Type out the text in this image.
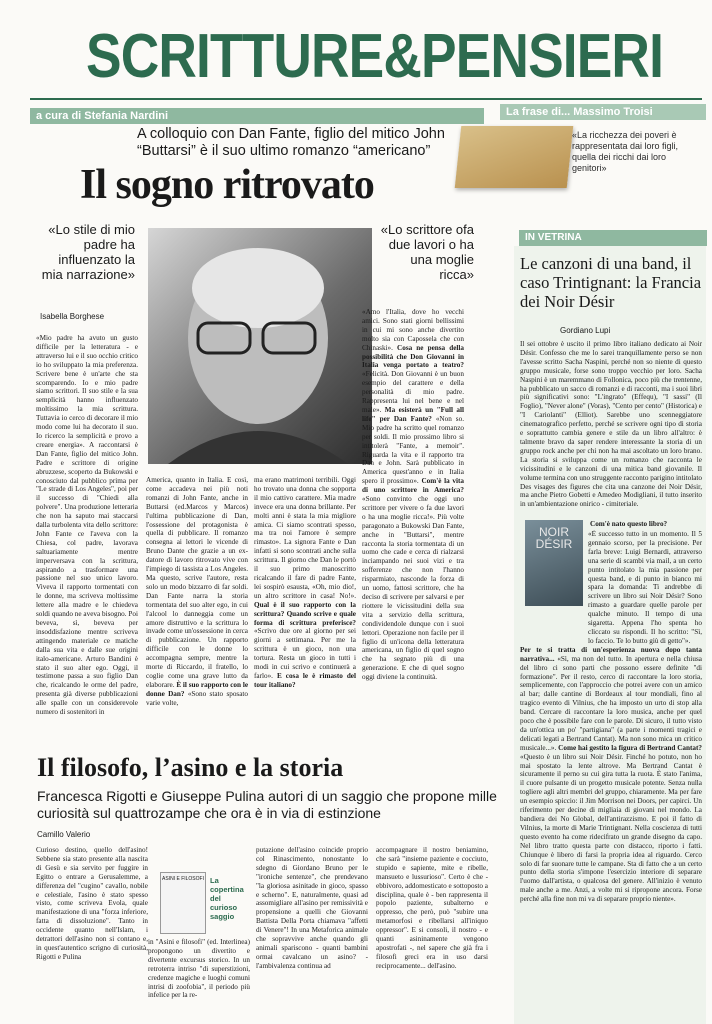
SCRITTURE&PENSIERI
a cura di Stefania Nardini	La frase di... Massimo Troisi
«La ricchezza dei poveri è rappresentata dai loro figli, quella dei ricchi dai loro genitori»
A colloquio con Dan Fante, figlio del mitico John “Buttarsi” è il suo ultimo romanzo “americano”
Il sogno ritrovato
«Lo stile di mio padre ha influenzato la mia narrazione»
«Lo scrittore ofa due lavori o ha una moglie ricca»
Isabella Borghese
«Mio padre ha avuto un gusto difficile per la letteratura - e attraverso lui e il suo occhio critico io ho sviluppato la mia preferenza. Scrivere bene è un'arte che sta scomparendo. Io e mio padre siamo scrittori. Il suo stile e la sua semplicità hanno influenzato moltissimo la mia scrittura. Tuttavia io cerco di decorare il mio modo come lui ha decorato il suo. Io ricerco la semplicità e provo a creare energia». A raccontarsi è Dan Fante, figlio del mitico John. Padre e scrittore di origine abruzzese, scoperto da Bukowski e conosciuto dal pubblico prima per "Le strade di Los Angeles", poi per il successo di "Chiedi alla polvere". Una produzione letteraria che non ha saputo mai staccarsi dalla turbolenta vita dello scrittore: John Fante ce l'aveva con la Chiesa, col padre, lavorava saltuariamente mentre imperversava con la scrittura, aspirando a trasformare una passione nel suo unico lavoro. Viveva il rapporto tormentati con le donne, ma scriveva moltissime lettere alla madre e le chiedeva soldi quando ne aveva bisogno. Poi beveva, sì, beveva per insoddisfazione mentre scriveva attingendo materiale ce matiche dalla sua vita e dalle sue origini italo-americane. Arturo Bandini è stato il suo alter ego. Oggi, il testimone passa a suo figlio Dan che, ricalcando le orme del padre, presenta già diverse pubblicazioni alle spalle con un considerevole numero di sostenitori in
America, quanto in Italia. E così, come accadeva nei più noti romanzi di John Fante, anche in Buttarsi (ed.Marcos y Marcos) l'ultima pubblicazione di Dan, l'ossessione del protagonista è quella di pubblicare. Il romanzo consegna ai lettori le vicende di Bruno Dante che grazie a un ex-datore di lavoro ritrovato vive con l'impiego di tassista a Los Angeles. Ma questo, scrive l'autore, resta solo un modo bizzarro di far soldi. Dan Fante narra la storia tormentata del suo alter ego, in cui l'alcool lo danneggia come un amore distruttivo e la scrittura lo invade come un'ossessione in cerca di pubblicazione. Un rapporto difficile con le donne lo accompagna sempre, mentre la morte di Riccardo, il fratello, lo coglie come una grave lutto da elaborare. È il suo rapporto con le donne Dan? «Sono stato sposato varie volte,
ma erano matrimoni terribili. Oggi ho trovato una donna che sopporta il mio cattivo carattere. Mia madre invece era una donna brillante. Per molti anni è stata la mia migliore amica. Ci siamo scontrati spesso, ma tra noi l'amore è sempre rimasto». La signora Fante e Dan infatti si sono scontrati anche sulla scrittura. Il giorno che Dan le portò il suo primo manoscritto ricalcando il fare di padre Fante, lei sospirò esausta, «Oh, mio dio!, un altro scrittore in casa! No!». Qual è il suo rapporto con la scrittura? Quando scrive e quale forma di scrittura preferisce? «Scrivo due ore al giorno per sei giorni a settimana. Per me la scrittura è un gioco, non una tortura. Resta un gioco in tutti i modi in cui scrivo e continuerà a farlo». E cosa le è rimasto del tour italiano?
«Amo l'Italia, dove ho vecchi amici. Sono stati giorni bellissimi in cui mi sono anche divertito molto sia con Capossela che con Chinaski». Cosa ne pensa della possibilità che Don Giovanni in Italia venga portato a teatro? «Felicità. Don Giovanni è un buon esempio del carattere e della personalità di mio padre. Rappresenta lui nel bene e nel male». Ma esisterà un "Full all life" per Dan Fante? «Non so. Mio padre ha scritto quel romanzo per soldi. Il mio prossimo libro si intitolerà "Fante, a memoir". Riguarda la vita e il rapporto tra Dan e John. Sarà pubblicato in America quest'anno e in Italia spero il prossimo». Com'è la vita di uno scrittore in America? «Sono convinto che oggi uno scrittore per vivere o fa due lavori o ha una moglie ricca!». Più volte paragonato a Bukowski Dan Fante, anche in "Buttarsi", mentre racconta la storia tormentata di un uomo che cade e cerca di rialzarsi inciampando nei suoi vizi e tra sofferenze che non l'hanno risparmiato, nasconde la forza di un uomo, fattosi scrittore, che ha deciso di scrivere per salvarsi e per riottere le vicissitudini della sua vita a servizio della scrittura, condividendole dunque con i suoi lettori. Operazione non facile per il figlio di un'icona della letteratura americana, un figlio di quel sogno che ha segnato più di una generazione. E che di quel sogno oggi diviene la continuità.
IN VETRINA
Le canzoni di una band, il caso Trintignant: la Francia dei Noir Désir
Gordiano Lupi
Il sei ottobre è uscito il primo libro italiano dedicato ai Noir Désir. Confesso che me lo sarei tranquillamente perso se non l'avesse scritto Sacha Naspini, perché non so niente di questo gruppo musicale, forse sono troppo vecchio per loro. Sacha Naspini è un maremmano di Follonica, poco più che trentenne, ha pubblicato un sacco di romanzi e di racconti, ma i suoi libri più significativi sono: "L'ingrato" (Effequ), "I sassi" (Il Foglio), "Never alone" (Voras), "Cento per cento" (Historica) e "I Cariolanti" (Elliot). Sarebbe uno scenneggiatore cinematografico perfetto, perché se scrivere ogni tipo di storia e soprattutto cambia genere e stile da un libro all'altro: è talmente bravo da saper rendere interessante la storia di un gruppo rock anche per chi non ha mai ascoltato un loro brano. La storia si sviluppa come un romanzo che racconta le vicissitudini e le canzoni di una mitica band giovanile. Il volume termina con uno struggente racconto parigino intitolato Des visages des figures che cita una canzone dei Noir Désir, ma anche Pietro Gobetti e Amedeo Modigliani, il tutto inserito in un'ambientazione onirico - cimiteriale.
NOIR DÉSIR
Com'è nato questo libro?
«È successo tutto in un momento. Il 5 gennaio scorso, per la precisione. Per farla breve: Luigi Bernardi, attraverso una serie di scambi via mail, a un certo punto intitolato la mia passione per questa band, e di punto in bianco mi spara la domanda: Ti andrebbe di scrivere un libro sui Noir Désir? Sono rimasto a guardare quelle parole per qualche minuto. Il tempo di una sigaretta. Appena l'ho spenta ho cliccato su rispondi. Il ho scritto: "Sì, lo faccio. Te lo butto giù di getto"».
Per te si tratta di un'esperienza nuova dopo tanta narrativa... «Sì, ma non del tutto. In apertura e nella chiusa del libro ci sono parti che possono essere definite "di formazione". Per il resto, cerco di raccontare la loro storia, semplicemente, con l'approccio che potrei avere con un amico al bar; dalle cantine di Bordeaux al tour mondiali, fino al tragico evento di Vilnius, che ha imposto un urto di stop alla band. Cercare di raccontare la loro musica, anche per quel poco che è possibile fare con le parole. Di sicuro, il tutto visto da un'ottica un po' "partigiana" (a parte i momenti tragici e delicati legati a Bertrand Cantat). Ma non sono mica un critico musicale...». Come hai gestito la figura di Bertrand Cantat? «Questo è un libro sui Noir Désir. Finché ho potuto, non ho mai spostato la lente altrove. Ma Bertrand Cantat è sicuramente il perno su cui gira tutta la ruota. È stato l'anima, il cuore pulsante di un progetto musicale potente. Senza nulla togliere agli altri membri del gruppo, chiaramente. Ma per fare un esempio spiccio: il Jim Morrison nei Doors, per capirci. Un riferimento per decine di migliaia di giovani nel mondo. La bandiera dei No Global, dell'antirazzismo. E poi il fatto di Vilnius, la morte di Marie Trintignant. Nella coscienza di tutti questo evento ha come ridecifrato un grande disegno da capo. Nel libro tratto questa parte con distacco, riporto i fatti. Chiunque è libero di farsi la propria idea al riguardo. Cerco solo di far suonare tutte le campane. Sta di fatto che a un certo punto della storia s'impone l'esercizio interiore di separare l'uomo dall'artista, o qualcosa del genere. All'inizio è venuto male anche a me. Anzi, a volte mi si ripropone ancora. Forse perché alla fine non mi va di separare proprio niente».
Il filosofo, l’asino e la storia
Francesca Rigotti e Giuseppe Pulina autori di un saggio che propone mille curiosità sul quattrozampe che ora è in via di estinzione
Camillo Valerio
Curioso destino, quello dell'asino! Sebbene sia stato presente alla nascita di Gesù e sia servito per fuggire in Egitto o entrare a Gerusalemme, a differenza del "cugino" cavallo, nobile e celestiale, l'asino è stato spesso visto, come scriveva Evola, quale manifestazione di una "forza inferiore, fatta di dissoluzione". Tanto in occidente quanto nell'Islam, i detrattori dell'asino non si contano e, in quest'autentico scrigno di curiosità, Rigotti e Pulina
ASINI E FILOSOFI La copertina del curioso saggio
in "Asini e filosofi" (ed. Interlinea) propongono un divertito e divertente excursus storico. In un retroterra intriso "di superstizioni, credenze magiche e luoghi comuni intrisi di zoofobia", il periodo più infelice per la re-
putazione dell'asino coincide proprio col Rinascimento, nonostante lo sdegno di Giordano Bruno per le "ironiche sentenze", che prendevano "la gloriosa asinitade in gioco, spasso e scherno". E, naturalmente, quasi ad assomigliare all'asino per remissività e propensione a quelli che Giovanni Battista Della Porta chiamava "affetti di Venere"! In una Metaforica animale che sopravvive anche quando gli animali spariscono - quanti bambini ormai cavalcano un asino? - l'ambivalenza continua ad
accompagnare il nostro beniamino, che sarà "insieme paziente e cocciuto, stupido e sapiente, mite e ribelle, mansueto e lussurioso". Certo è che - ebbivoro, addomesticato e sottoposto a disciplina, quale è - ben rappresenta il popolo paziente, subalterno e oppresso, che però, può "subire una metamorfosi e ribellarsi all'iniquo oppressor". E si consoli, il nostro - e quanti asininamente vengono apostrofati -, nel sapere che già fra i filosofi greci era in uso darsi reciprocamente... dell'asino.
